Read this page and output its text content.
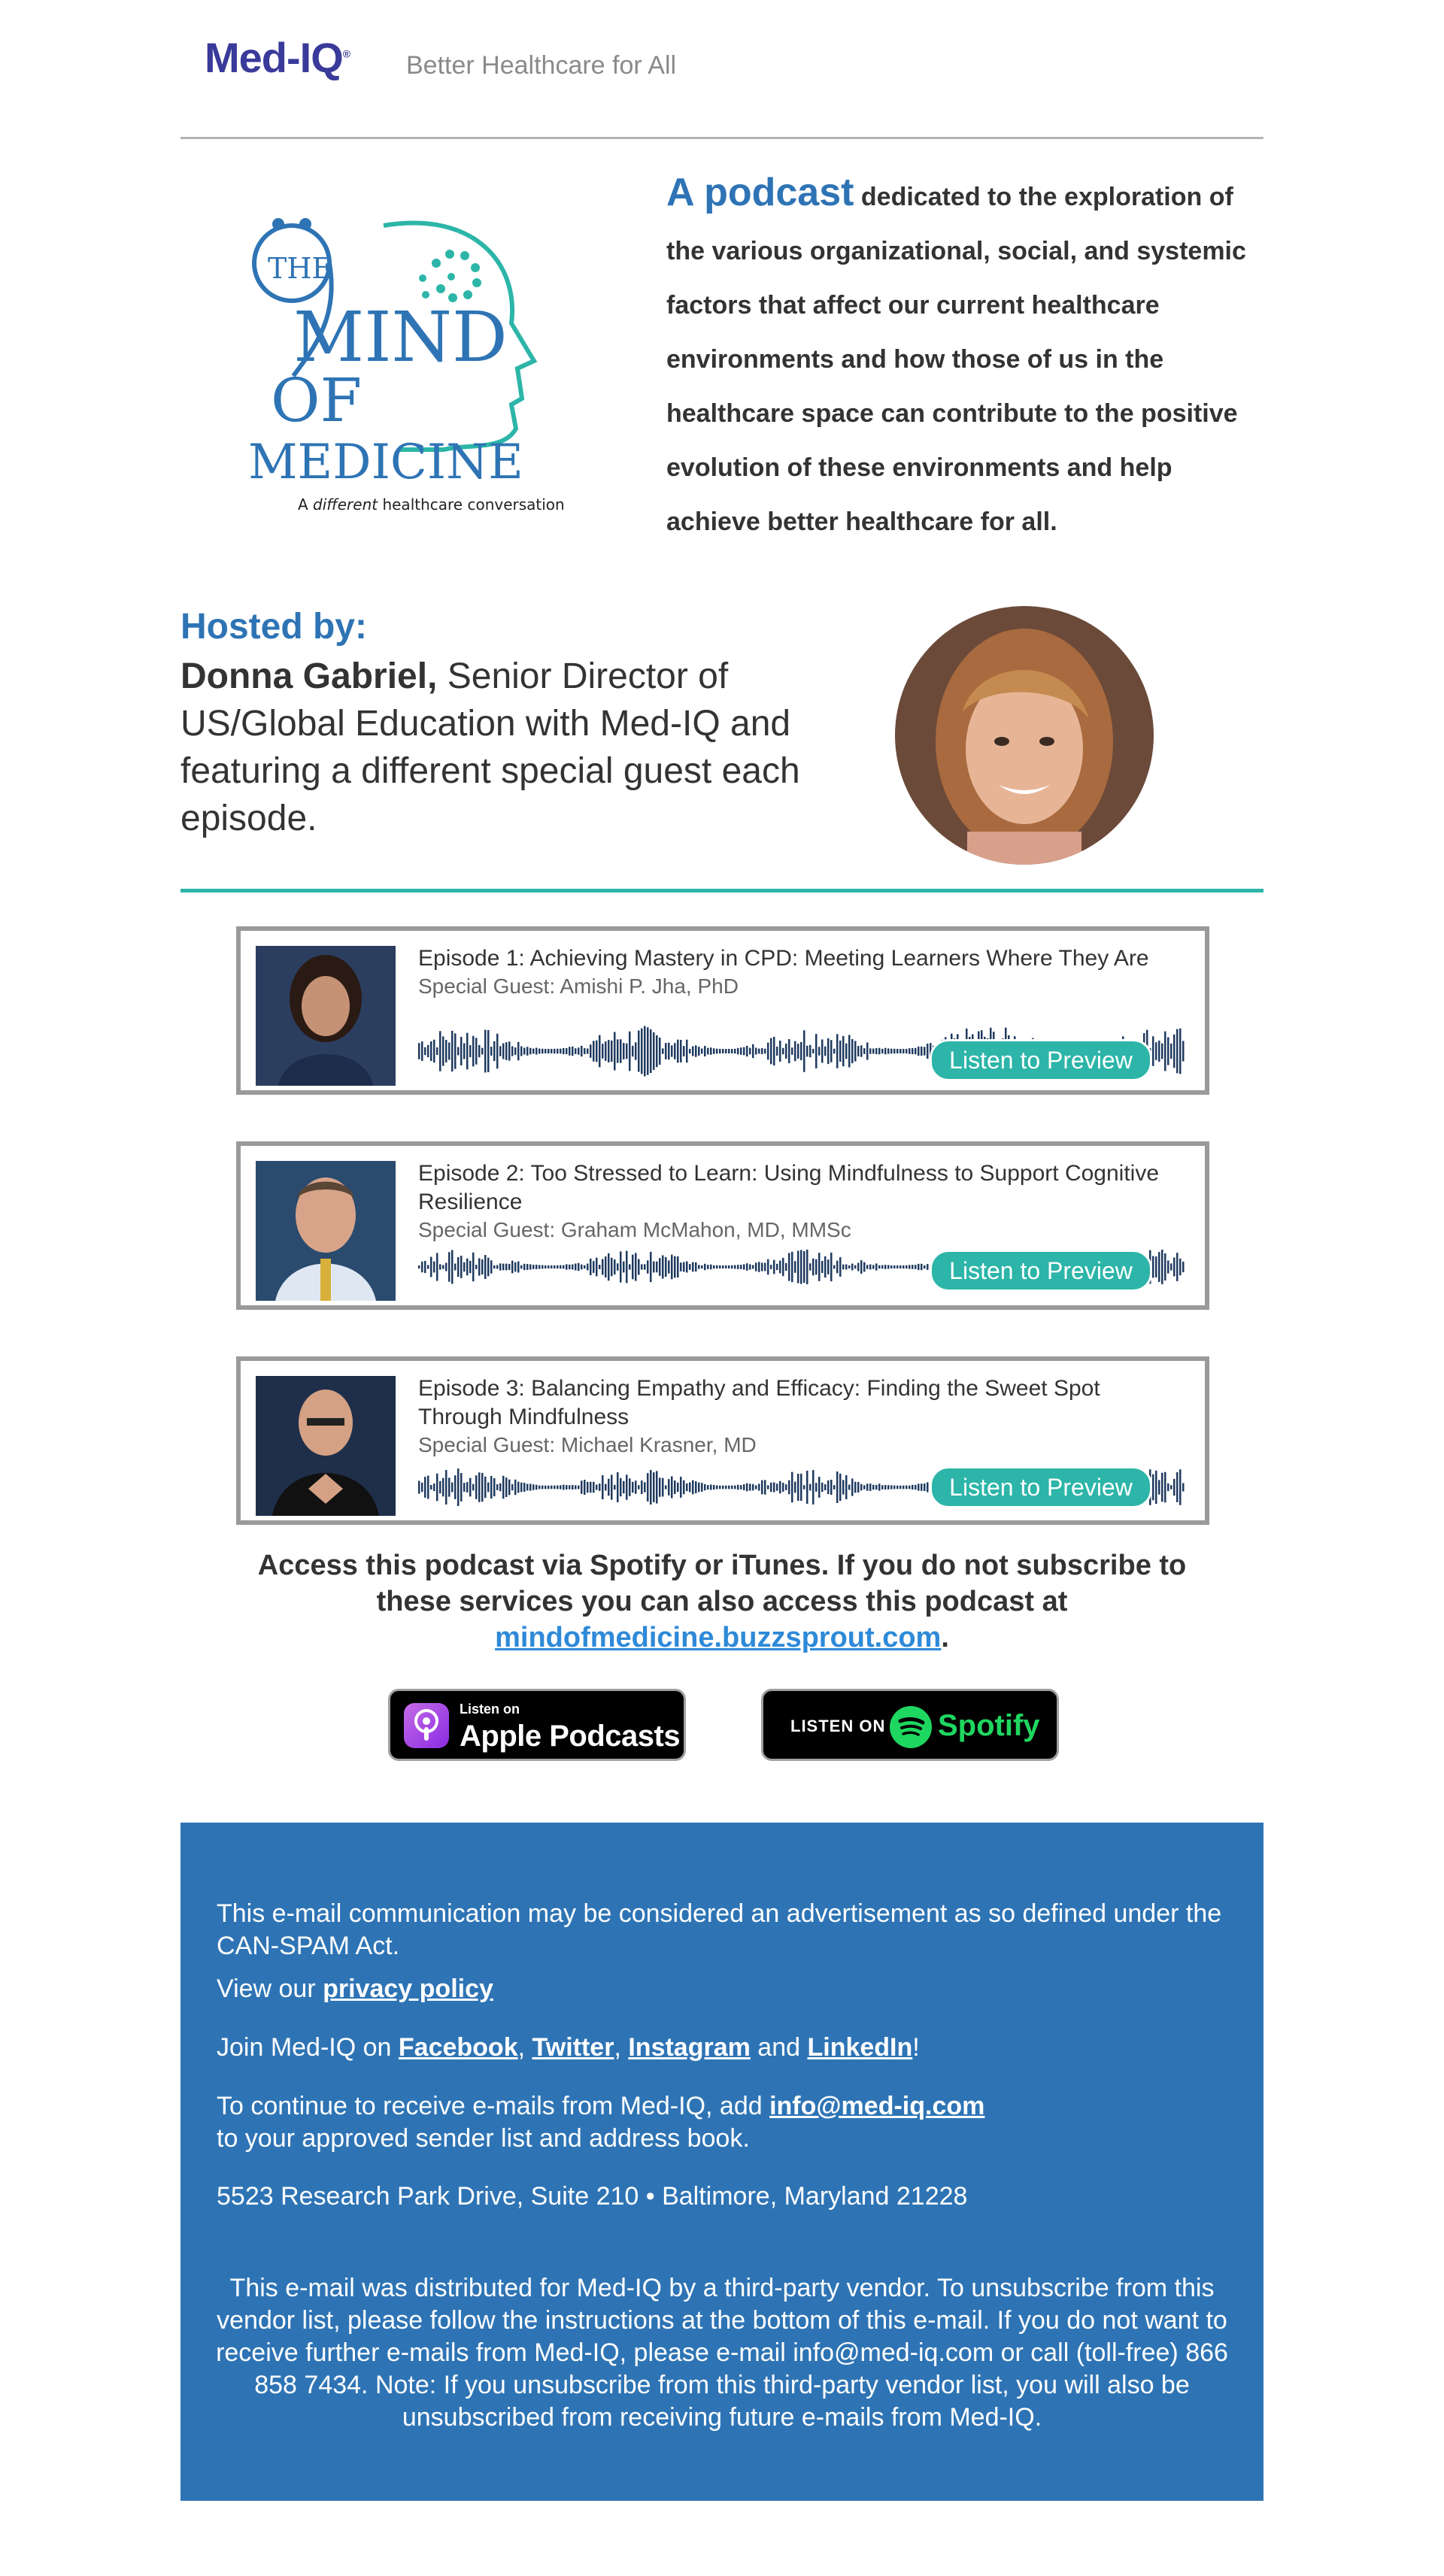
Med-IQ® Better Healthcare for All
THE
MIND
OF
MEDICINE
A different healthcare conversation
A podcast dedicated to the exploration of the various organizational, social, and systemic factors that affect our current healthcare environments and how those of us in the healthcare space can contribute to the positive evolution of these environments and help achieve better healthcare for all.
Hosted by:
Donna Gabriel, Senior Director of US/Global Education with Med-IQ and featuring a different special guest each episode.
Episode 1: Achieving Mastery in CPD: Meeting Learners Where They Are
Special Guest: Amishi P. Jha, PhD
Listen to Preview
Episode 2: Too Stressed to Learn: Using Mindfulness to Support Cognitive Resilience
Special Guest: Graham McMahon, MD, MMSc
Listen to Preview
Episode 3: Balancing Empathy and Efficacy: Finding the Sweet Spot Through Mindfulness
Special Guest: Michael Krasner, MD
Listen to Preview
Access this podcast via Spotify or iTunes. If you do not subscribe to these services you can also access this podcast at
mindofmedicine.buzzsprout.com.
Listen on
Apple Podcasts	LISTEN ON Spotify

This e-mail communication may be considered an advertisement as so defined under the CAN-SPAM Act.

View our privacy policy

Join Med-IQ on Facebook, Twitter, Instagram and LinkedIn!

To continue to receive e-mails from Med-IQ, add info@med-iq.com
to your approved sender list and address book.

5523 Research Park Drive, Suite 210 • Baltimore, Maryland 21228

This e-mail was distributed for Med-IQ by a third-party vendor. To unsubscribe from this vendor list, please follow the instructions at the bottom of this e-mail. If you do not want to receive further e-mails from Med-IQ, please e-mail info@med-iq.com or call (toll-free) 866 858 7434. Note: If you unsubscribe from this third-party vendor list, you will also be unsubscribed from receiving future e-mails from Med-IQ.
